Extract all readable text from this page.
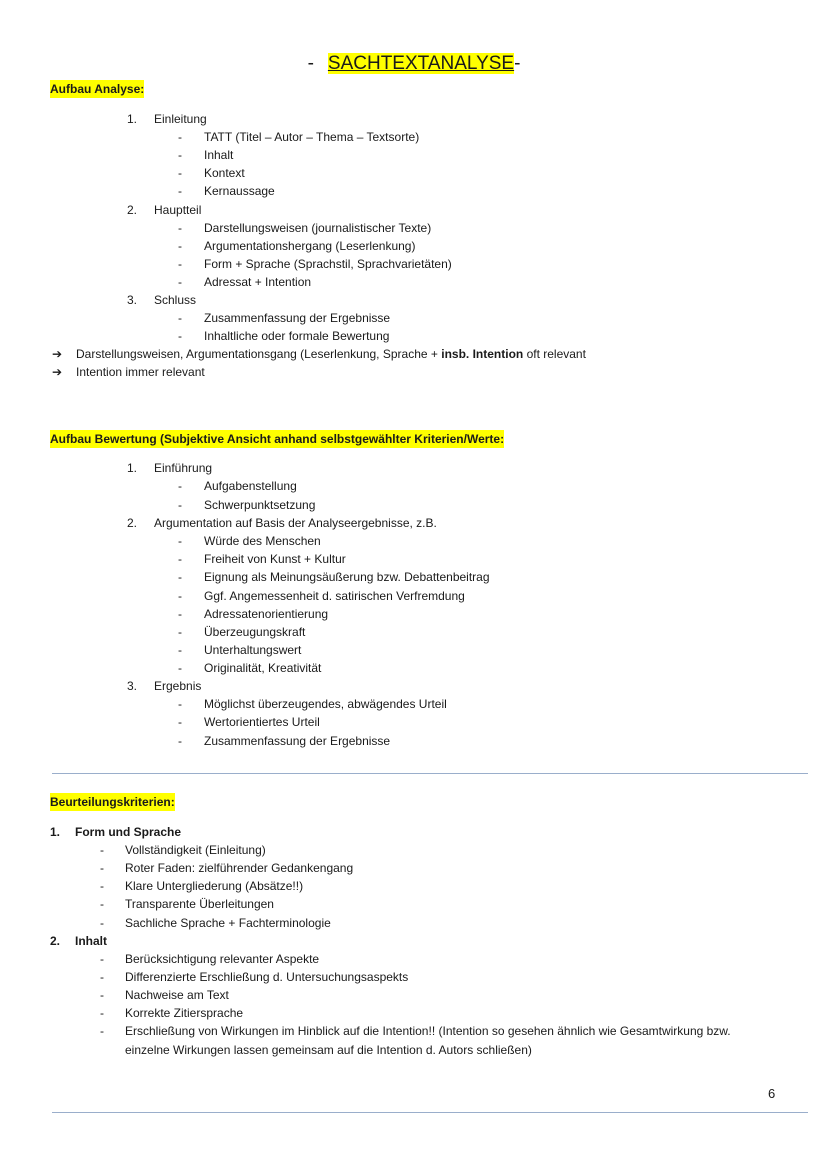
- SACHTEXTANALYSE-
Aufbau Analyse:
1. Einleitung
- TATT (Titel – Autor – Thema – Textsorte)
- Inhalt
- Kontext
- Kernaussage
2. Hauptteil
- Darstellungsweisen (journalistischer Texte)
- Argumentationshergang (Leserlenkung)
- Form + Sprache (Sprachstil, Sprachvarietäten)
- Adressat + Intention
3. Schluss
- Zusammenfassung der Ergebnisse
- Inhaltliche oder formale Bewertung
➔ Darstellungsweisen, Argumentationsgang (Leserlenkung, Sprache + insb. Intention oft relevant
➔ Intention immer relevant
Aufbau Bewertung (Subjektive Ansicht anhand selbstgewählter Kriterien/Werte:
1. Einführung
- Aufgabenstellung
- Schwerpunktsetzung
2. Argumentation auf Basis der Analyseergebnisse, z.B.
- Würde des Menschen
- Freiheit von Kunst + Kultur
- Eignung als Meinungsäußerung bzw. Debattenbeitrag
- Ggf. Angemessenheit d. satirischen Verfremdung
- Adressatenorientierung
- Überzeugungskraft
- Unterhaltungswert
- Originalität, Kreativität
3. Ergebnis
- Möglichst überzeugendes, abwägendes Urteil
- Wertorientiertes Urteil
- Zusammenfassung der Ergebnisse
Beurteilungskriterien:
1. Form und Sprache
- Vollständigkeit (Einleitung)
- Roter Faden: zielführender Gedankengang
- Klare Untergliederung (Absätze!!)
- Transparente Überleitungen
- Sachliche Sprache + Fachterminologie
2. Inhalt
- Berücksichtigung relevanter Aspekte
- Differenzierte Erschließung d. Untersuchungsaspekts
- Nachweise am Text
- Korrekte Zitiersprache
- Erschließung von Wirkungen im Hinblick auf die Intention!! (Intention so gesehen ähnlich wie Gesamtwirkung bzw.
einzelne Wirkungen lassen gemeinsam auf die Intention d. Autors schließen)
6
